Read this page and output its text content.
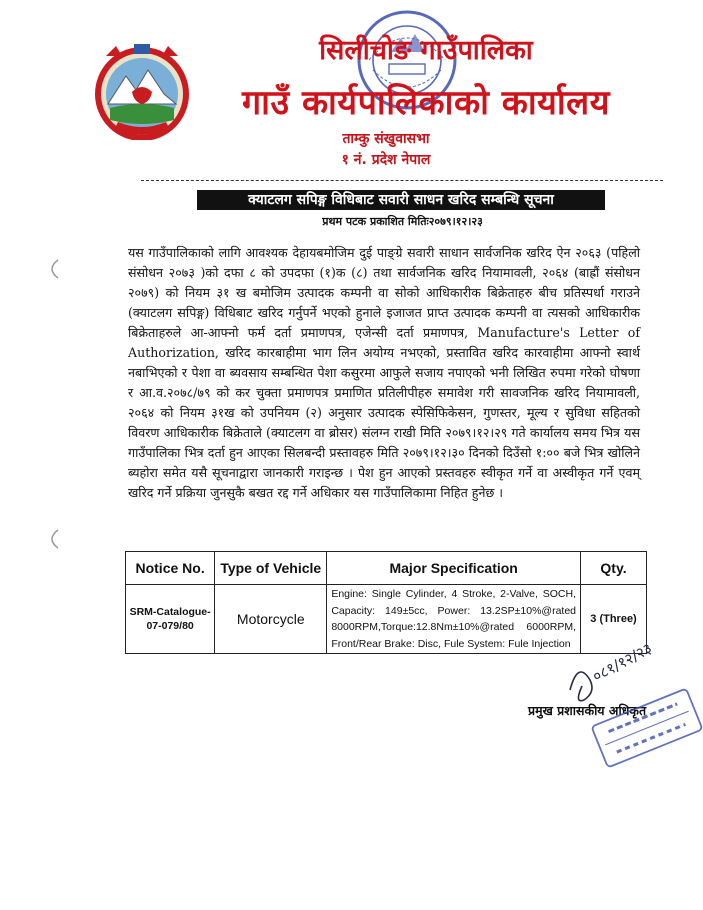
सिलीचोङ गाउँपालिका
गाउँ कार्यपालिकाको कार्यालय
ताम्कु संखुवासभा
१ नं. प्रदेश नेपाल
क्याटलग सपिङ्ग विधिबाट सवारी साधन खरिद सम्बन्धि सूचना
प्रथम पटक प्रकाशित मितिः२०७९।१२।२३
यस गाउँपालिकाको लागि आवश्यक देहायबमोजिम दुई पाङ्ग्रे सवारी साधान सार्वजनिक खरिद ऐन २०६३ (पहिलो संसोधन २०७३ )को दफा ८ को उपदफा (१)क (८) तथा सार्वजनिक खरिद नियामावली, २०६४ (बाह्रौं संसोधन २०७९) को नियम ३१ ख बमोजिम उत्पादक कम्पनी वा सोको आधिकारीक बिक्रेताहरु बीच प्रतिस्पर्धा गराउने (क्याटलग सपिङ्ग) विधिबाट खरिद गर्नुपर्ने भएको हुनाले इजाजत प्राप्त उत्पादक कम्पनी वा त्यसको आधिकारीक बिक्रेताहरुले आ-आफ्नो फर्म दर्ता प्रमाणपत्र, एजेन्सी दर्ता प्रमाणपत्र, Manufacture's Letter of Authorization, खरिद कारबाहीमा भाग लिन अयोग्य नभएको, प्रस्तावित खरिद कारवाहीमा आफ्नो स्वार्थ नबाभिएको र पेशा वा ब्यवसाय सम्बन्धित पेशा कसुरमा आफुले सजाय नपाएको भनी लिखित रुपमा गरेको घोषणा र आ.व.२०७८/७९ को कर चुक्ता प्रमाणपत्र प्रमाणित प्रतिलीपीहरु समावेश गरी सावजनिक खरिद नियामावली, २०६४ को नियम ३१ख को उपनियम (२) अनुसार उत्पादक स्पेसिफिकेसन, गुणस्तर, मूल्य र सुविधा सहितको विवरण आधिकारीक बिक्रेताले (क्याटलग वा ब्रोसर) संलग्न राखी मिति २०७९।१२।२९ गते कार्यालय समय भित्र यस गाउँपालिका भित्र दर्ता हुन आएका सिलबन्दी प्रस्तावहरु मिति २०७९।१२।३० दिनको दिउँसो १:०० बजे भित्र खोलिने ब्यहोरा समेत यसै सूचनाद्वारा जानकारी गराइन्छ । पेश हुन आएको प्रस्तवहरु स्वीकृत गर्ने वा अस्वीकृत गर्ने एवम् खरिद गर्ने प्रक्रिया जुनसुकै बखत रद्द गर्ने अधिकार यस गाउँपालिकामा निहित हुनेछ ।
Notice No.	Type of Vehicle	Major Specification	Qty.
SRM-Catalogue-07-079/80	Motorcycle	Engine: Single Cylinder, 4 Stroke, 2-Valve, SOCH, Capacity: 149±5cc, Power: 13.2SP±10%@rated 8000RPM,Torque:12.8Nm±10%@rated 6000RPM, Front/Rear Brake: Disc, Fule System: Fule Injection	3 (Three)
०८१/१२/२३
प्रमुख प्रशासकीय अधिकृत
